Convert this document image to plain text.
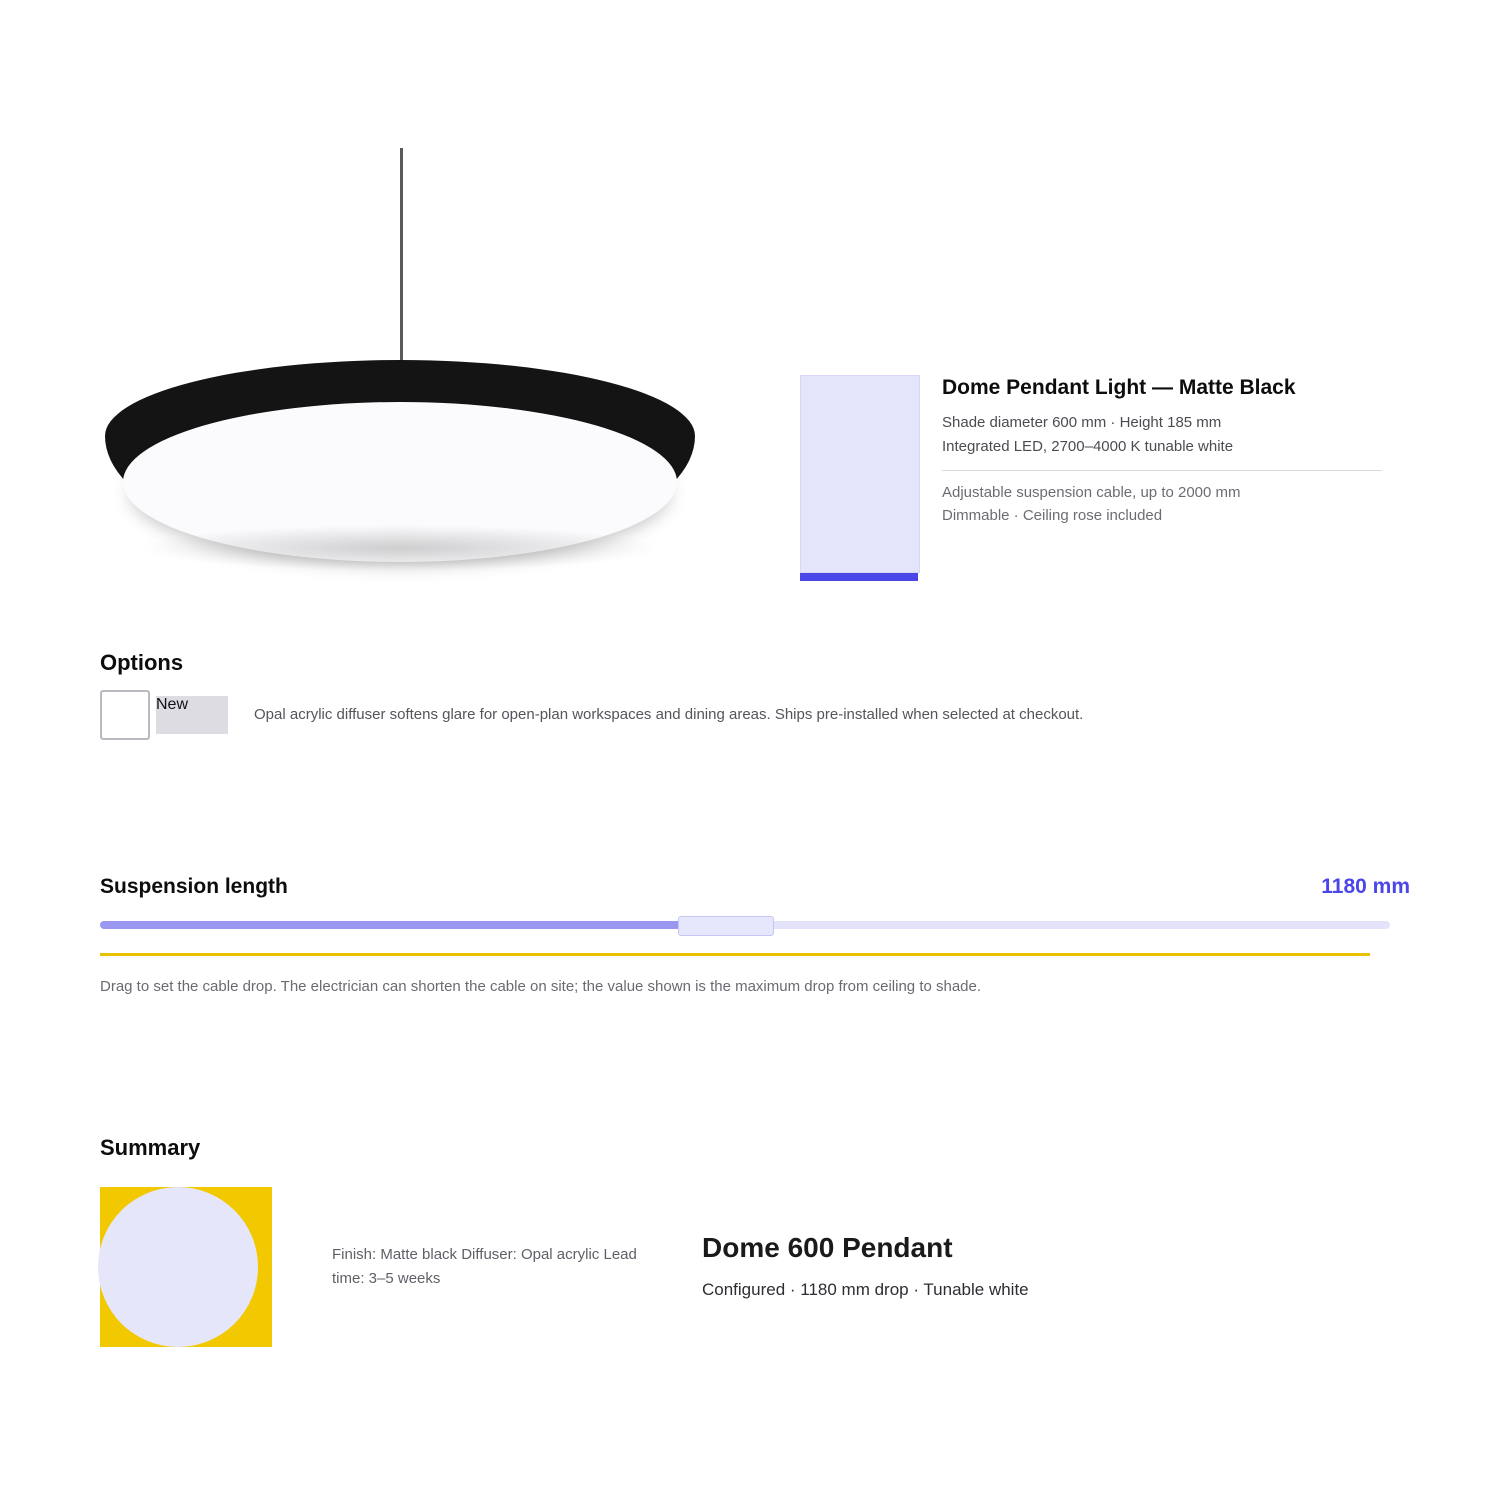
Dome Pendant Light — Matte Black
Shade diameter 600 mm · Height 185 mm
Integrated LED, 2700–4000 K tunable white
Adjustable suspension cable, up to 2000 mm
Dimmable · Ceiling rose included
Options
New
Opal acrylic diffuser softens glare for open-plan workspaces and dining areas. Ships pre-installed when selected at checkout.
Suspension length	1180 mm
Drag to set the cable drop. The electrician can shorten the cable on site; the value shown is the maximum drop from ceiling to shade.
Summary
Finish: Matte black Diffuser: Opal acrylic Lead time: 3–5 weeks
Dome 600 Pendant
Configured · 1180 mm drop · Tunable white
